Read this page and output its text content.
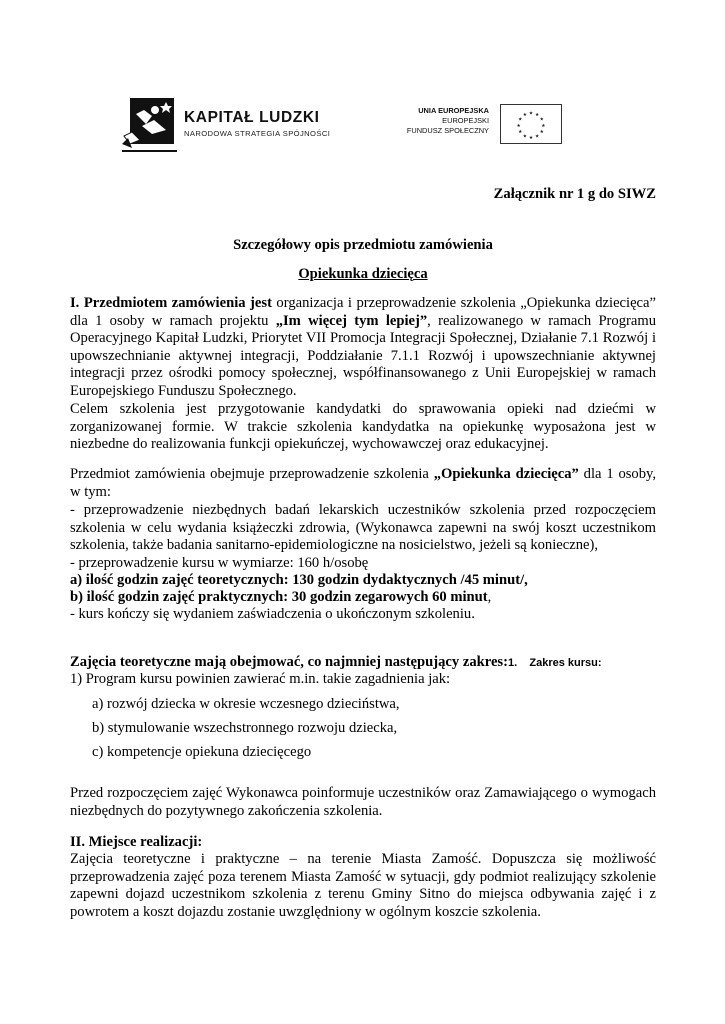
KAPITAŁ LUDZKI
NARODOWA STRATEGIA SPÓJNOŚCI
UNIA EUROPEJSKA
EUROPEJSKI
FUNDUSZ SPOŁECZNY
★ ★
★
★
★
★
★
★
★
★
★
★
Załącznik nr 1 g do SIWZ
Szczegółowy opis przedmiotu zamówienia
Opiekunka dziecięca
I. Przedmiotem zamówienia jest organizacja i przeprowadzenie szkolenia „Opiekunka dziecięca” dla 1 osoby w ramach projektu „Im więcej tym lepiej”, realizowanego w ramach Programu Operacyjnego Kapitał Ludzki, Priorytet VII Promocja Integracji Społecznej, Działanie 7.1 Rozwój i upowszechnianie aktywnej integracji, Poddziałanie 7.1.1 Rozwój i upowszechnianie aktywnej integracji przez ośrodki pomocy społecznej, współfinansowanego z Unii Europejskiej w ramach Europejskiego Funduszu Społecznego.
Celem szkolenia jest przygotowanie kandydatki do sprawowania opieki nad dziećmi w zorganizowanej formie. W trakcie szkolenia kandydatka na opiekunkę wyposażona jest w niezbedne do realizowania funkcji opiekuńczej, wychowawczej oraz edukacyjnej.
Przedmiot zamówienia obejmuje przeprowadzenie szkolenia „Opiekunka dziecięca” dla 1 osoby, w tym:
- przeprowadzenie niezbędnych badań lekarskich uczestników szkolenia przed rozpoczęciem szkolenia w celu wydania książeczki zdrowia, (Wykonawca zapewni na swój koszt uczestnikom szkolenia, także badania sanitarno-epidemiologiczne na nosicielstwo, jeżeli są konieczne),
- przeprowadzenie kursu w wymiarze: 160 h/osobę
a) ilość godzin zajęć teoretycznych: 130 godzin dydaktycznych /45 minut/,
b) ilość godzin zajęć praktycznych: 30 godzin zegarowych 60 minut,
- kurs kończy się wydaniem zaświadczenia o ukończonym szkoleniu.
Zajęcia teoretyczne mają obejmować, co najmniej następujący zakres:1.    Zakres kursu:
1) Program kursu powinien zawierać m.in. takie zagadnienia jak:
a) rozwój dziecka w okresie wczesnego dzieciństwa,
b) stymulowanie wszechstronnego rozwoju dziecka,
c) kompetencje opiekuna dziecięcego
Przed rozpoczęciem zajęć Wykonawca poinformuje uczestników oraz Zamawiającego o wymogach niezbędnych do pozytywnego zakończenia szkolenia.
II. Miejsce realizacji:
Zajęcia teoretyczne i praktyczne – na terenie Miasta Zamość. Dopuszcza się możliwość przeprowadzenia zajęć poza terenem Miasta Zamość w sytuacji, gdy podmiot realizujący szkolenie zapewni dojazd uczestnikom szkolenia z terenu Gminy Sitno do miejsca odbywania zajęć i z powrotem a koszt dojazdu zostanie uwzględniony w ogólnym koszcie szkolenia.
